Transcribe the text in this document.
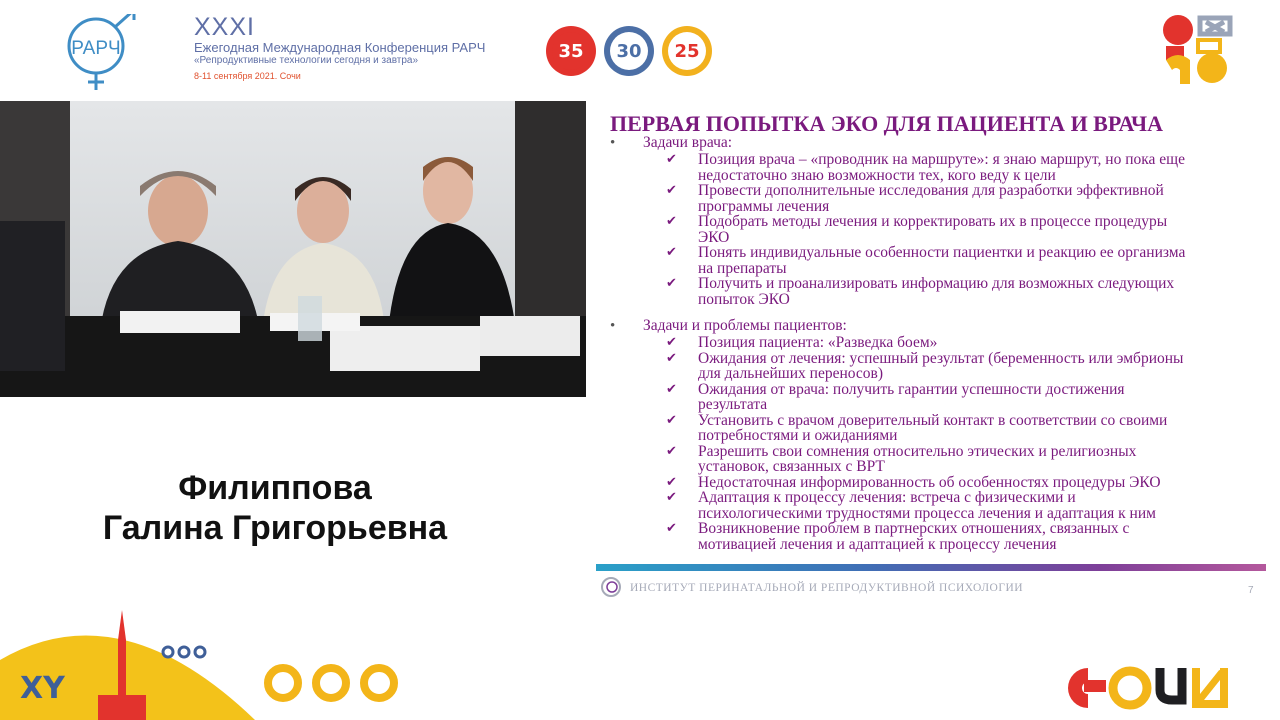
РАРЧ
XXXI
Ежегодная Международная Конференция РАРЧ
«Репродуктивные технологии сегодня и завтра»
8-11 сентября 2021. Сочи
35 30 25
Филиппова
Галина Григорьевна
ПЕРВАЯ ПОПЫТКА ЭКО ДЛЯ ПАЦИЕНТА И ВРАЧА
• Задачи врача:
✔ Позиция врача – «проводник на маршруте»: я знаю маршрут, но пока еще
недостаточно знаю возможности тех, кого веду к цели
✔ Провести дополнительные исследования для разработки эффективной
программы лечения
✔ Подобрать методы лечения и корректировать их в процессе процедуры
ЭКО
✔ Понять индивидуальные особенности пациентки и реакцию ее организма
на препараты
✔ Получить и проанализировать информацию для возможных следующих
попыток ЭКО
• Задачи и проблемы пациентов:
✔ Позиция пациента: «Разведка боем»
✔ Ожидания от лечения: успешный результат (беременность или эмбрионы
для дальнейших переносов)
✔ Ожидания от врача: получить гарантии успешности достижения
результата
✔ Установить с врачом доверительный контакт в соответствии со своими
потребностями и ожиданиями
✔ Разрешить свои сомнения относительно этических и религиозных
установок, связанных с ВРТ
✔ Недостаточная информированность об особенностях процедуры ЭКО
✔ Адаптация к процессу лечения: встреча с физическими и
психологическими трудностями процесса лечения и адаптация к ним
✔ Возникновение проблем в партнерских отношениях, связанных с
мотивацией лечения и адаптацией к процессу лечения
ИНСТИТУТ ПЕРИНАТАЛЬНОЙ И РЕПРОДУКТИВНОЙ ПСИХОЛОГИИ	7
XY
